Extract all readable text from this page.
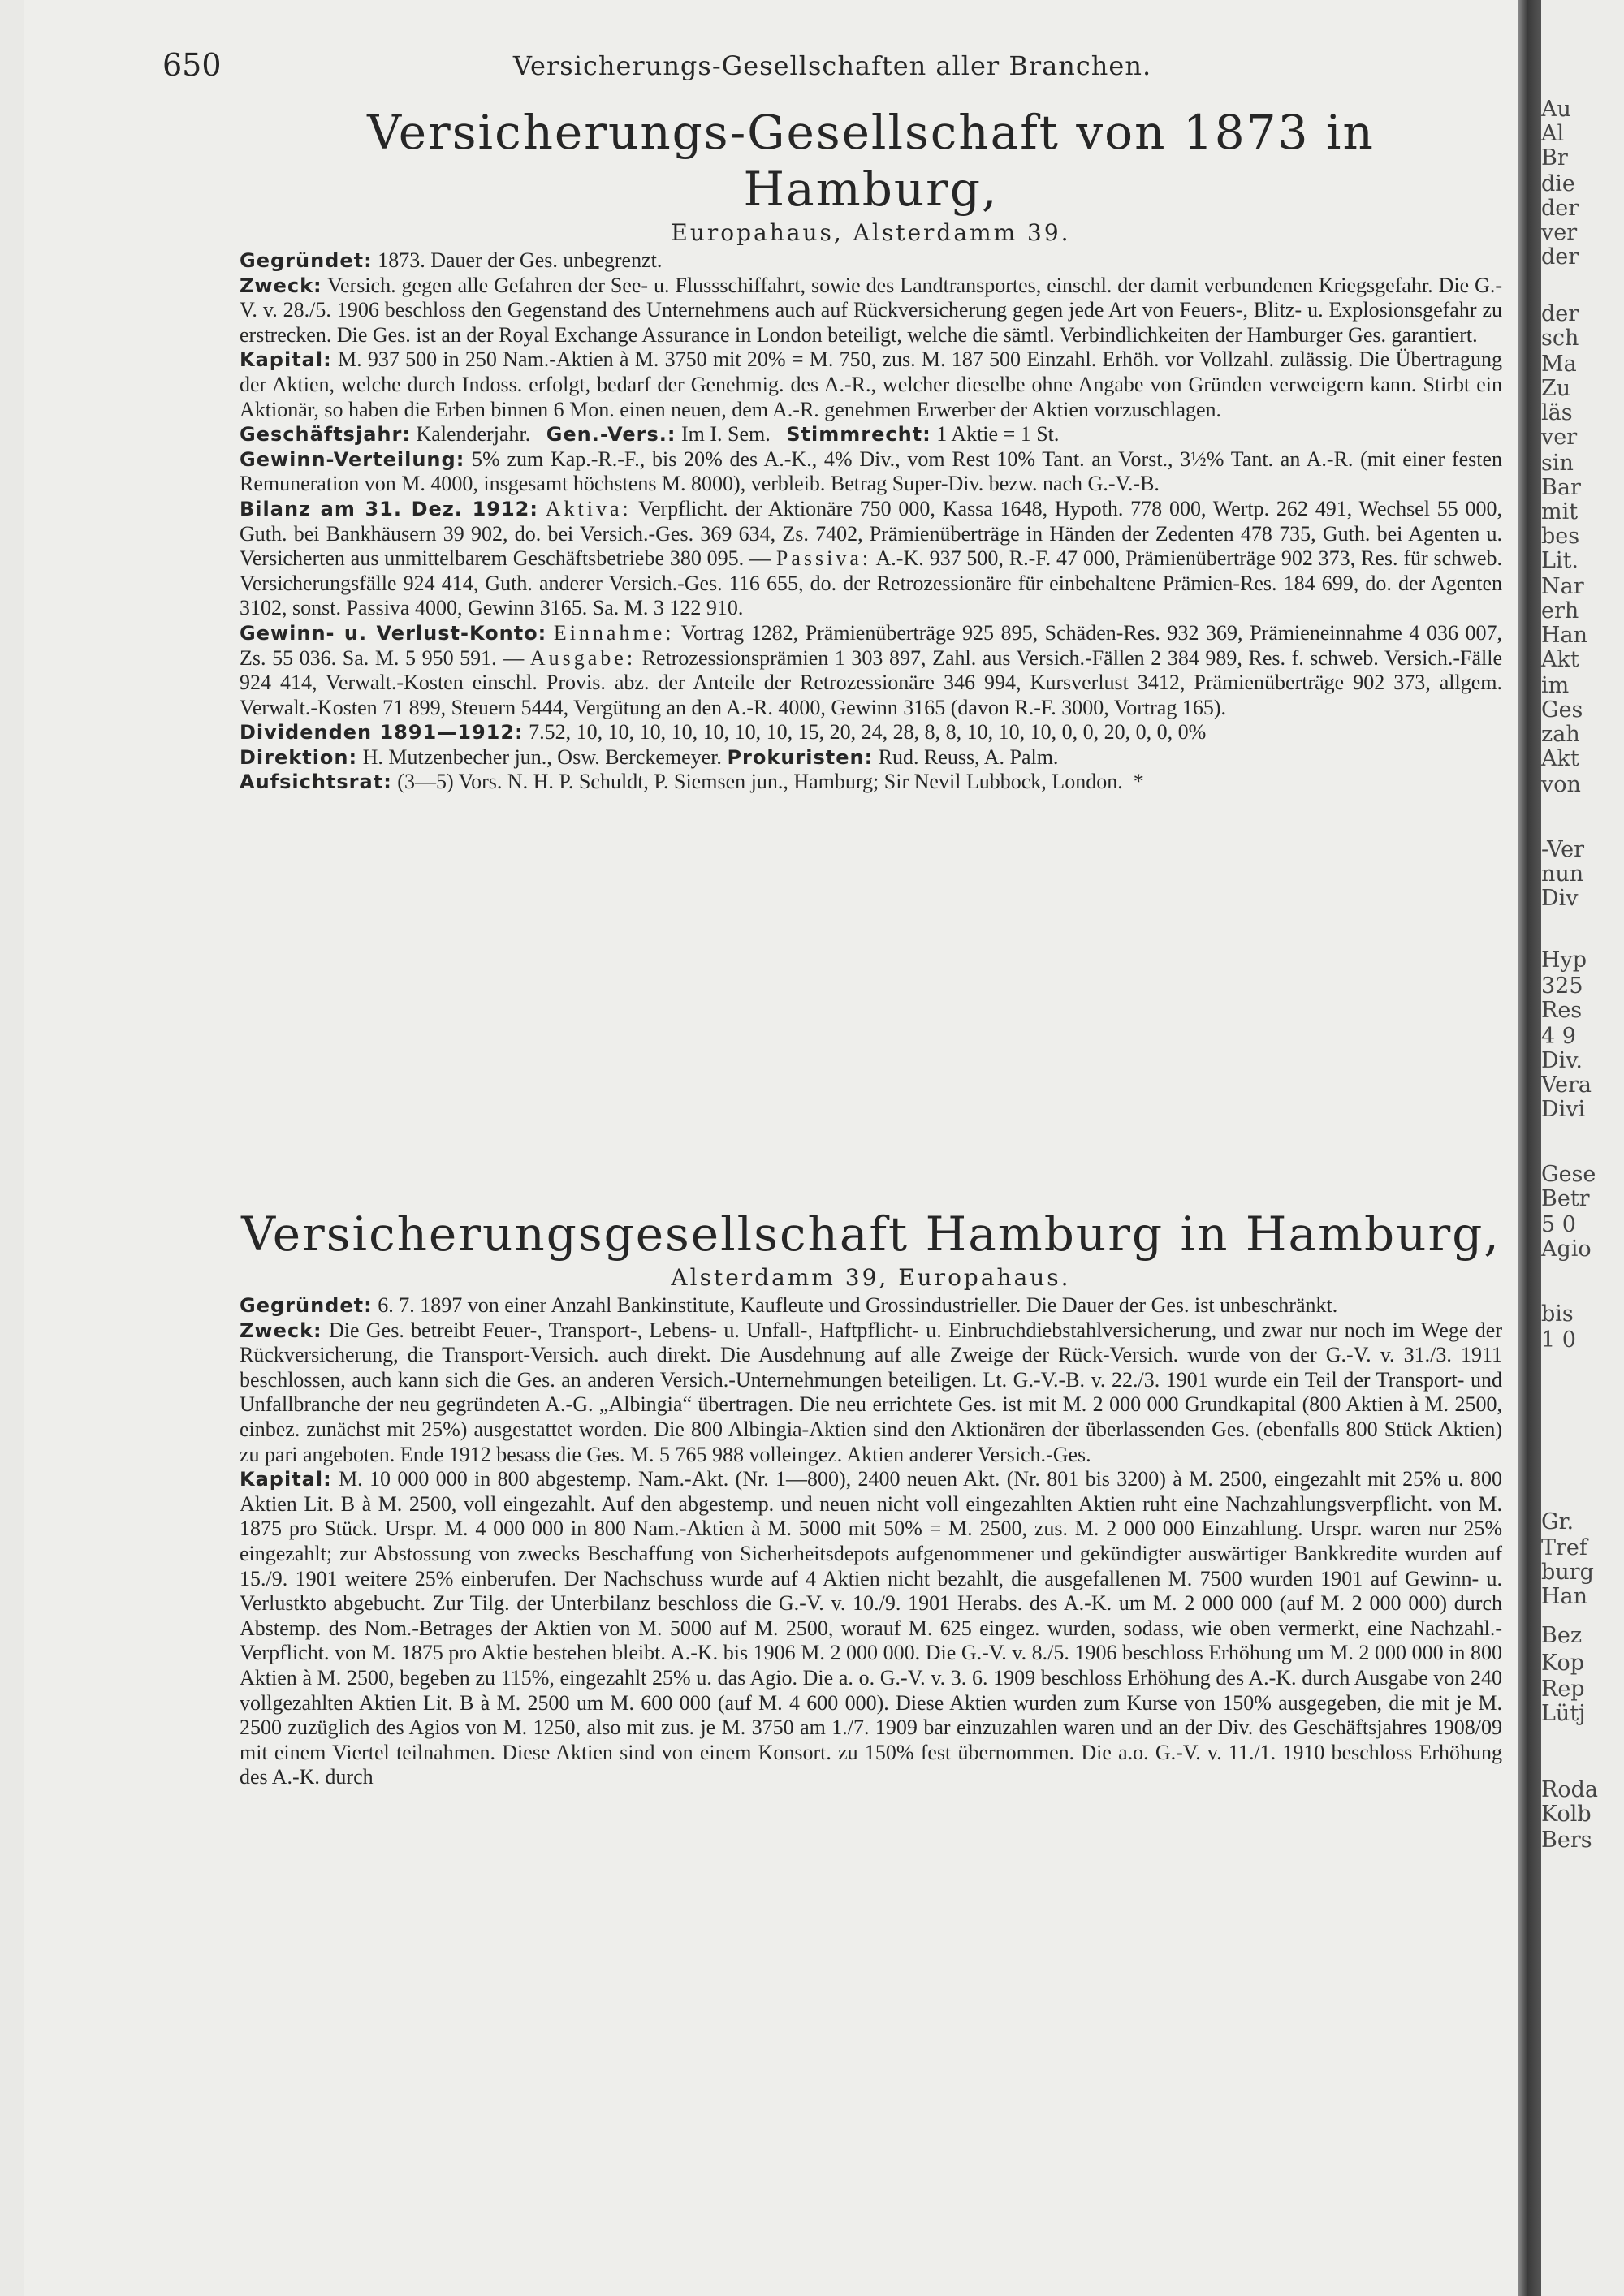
650	Versicherungs-Gesellschaften aller Branchen.
Versicherungs-Gesellschaft von 1873 in Hamburg,

Europahaus, Alsterdamm 39.

Gegründet: 1873. Dauer der Ges. unbegrenzt.

Zweck: Versich. gegen alle Gefahren der See- u. Flussschiffahrt, sowie des Landtransportes, einschl. der damit verbundenen Kriegsgefahr. Die G.-V. v. 28./5. 1906 beschloss den Gegenstand des Unternehmens auch auf Rückversicherung gegen jede Art von Feuers-, Blitz- u. Explosionsgefahr zu erstrecken. Die Ges. ist an der Royal Exchange Assurance in London beteiligt, welche die sämtl. Verbindlichkeiten der Hamburger Ges. garantiert.

Kapital: M. 937 500 in 250 Nam.-Aktien à M. 3750 mit 20% = M. 750, zus. M. 187 500 Einzahl. Erhöh. vor Vollzahl. zulässig. Die Übertragung der Aktien, welche durch Indoss. erfolgt, bedarf der Genehmig. des A.-R., welcher dieselbe ohne Angabe von Gründen verweigern kann. Stirbt ein Aktionär, so haben die Erben binnen 6 Mon. einen neuen, dem A.-R. genehmen Erwerber der Aktien vorzuschlagen.

Geschäftsjahr: Kalenderjahr. Gen.-Vers.: Im I. Sem. Stimmrecht: 1 Aktie = 1 St.

Gewinn-Verteilung: 5% zum Kap.-R.-F., bis 20% des A.-K., 4% Div., vom Rest 10% Tant. an Vorst., 3½% Tant. an A.-R. (mit einer festen Remuneration von M. 4000, insgesamt höchstens M. 8000), verbleib. Betrag Super-Div. bezw. nach G.-V.-B.

Bilanz am 31. Dez. 1912: Aktiva: Verpflicht. der Aktionäre 750 000, Kassa 1648, Hypoth. 778 000, Wertp. 262 491, Wechsel 55 000, Guth. bei Bankhäusern 39 902, do. bei Versich.-Ges. 369 634, Zs. 7402, Prämienüberträge in Händen der Zedenten 478 735, Guth. bei Agenten u. Versicherten aus unmittelbarem Geschäftsbetriebe 380 095. — Passiva: A.-K. 937 500, R.-F. 47 000, Prämienüberträge 902 373, Res. für schweb. Versicherungsfälle 924 414, Guth. anderer Versich.-Ges. 116 655, do. der Retrozessionäre für einbehaltene Prämien-Res. 184 699, do. der Agenten 3102, sonst. Passiva 4000, Gewinn 3165. Sa. M. 3 122 910.

Gewinn- u. Verlust-Konto: Einnahme: Vortrag 1282, Prämienüberträge 925 895, Schäden-Res. 932 369, Prämieneinnahme 4 036 007, Zs. 55 036. Sa. M. 5 950 591. — Ausgabe: Retrozessionsprämien 1 303 897, Zahl. aus Versich.-Fällen 2 384 989, Res. f. schweb. Versich.-Fälle 924 414, Verwalt.-Kosten einschl. Provis. abz. der Anteile der Retrozessionäre 346 994, Kursverlust 3412, Prämienüberträge 902 373, allgem. Verwalt.-Kosten 71 899, Steuern 5444, Vergütung an den A.-R. 4000, Gewinn 3165 (davon R.-F. 3000, Vortrag 165).

Dividenden 1891—1912: 7.52, 10, 10, 10, 10, 10, 10, 10, 15, 20, 24, 28, 8, 8, 10, 10, 10, 0, 0, 20, 0, 0, 0%

Direktion: H. Mutzenbecher jun., Osw. Berckemeyer. Prokuristen: Rud. Reuss, A. Palm.

Aufsichtsrat: (3—5) Vors. N. H. P. Schuldt, P. Siemsen jun., Hamburg; Sir Nevil Lubbock, London. *

Versicherungsgesellschaft Hamburg in Hamburg,

Alsterdamm 39, Europahaus.

Gegründet: 6. 7. 1897 von einer Anzahl Bankinstitute, Kaufleute und Grossindustrieller. Die Dauer der Ges. ist unbeschränkt.

Zweck: Die Ges. betreibt Feuer-, Transport-, Lebens- u. Unfall-, Haftpflicht- u. Einbruchdiebstahlversicherung, und zwar nur noch im Wege der Rückversicherung, die Transport-Versich. auch direkt. Die Ausdehnung auf alle Zweige der Rück-Versich. wurde von der G.-V. v. 31./3. 1911 beschlossen, auch kann sich die Ges. an anderen Versich.-Unternehmungen beteiligen. Lt. G.-V.-B. v. 22./3. 1901 wurde ein Teil der Transport- und Unfallbranche der neu gegründeten A.-G. „Albingia“ übertragen. Die neu errichtete Ges. ist mit M. 2 000 000 Grundkapital (800 Aktien à M. 2500, einbez. zunächst mit 25%) ausgestattet worden. Die 800 Albingia-Aktien sind den Aktionären der überlassenden Ges. (ebenfalls 800 Stück Aktien) zu pari angeboten. Ende 1912 besass die Ges. M. 5 765 988 volleingez. Aktien anderer Versich.-Ges.

Kapital: M. 10 000 000 in 800 abgestemp. Nam.-Akt. (Nr. 1—800), 2400 neuen Akt. (Nr. 801 bis 3200) à M. 2500, eingezahlt mit 25% u. 800 Aktien Lit. B à M. 2500, voll eingezahlt. Auf den abgestemp. und neuen nicht voll eingezahlten Aktien ruht eine Nachzahlungsverpflicht. von M. 1875 pro Stück. Urspr. M. 4 000 000 in 800 Nam.-Aktien à M. 5000 mit 50% = M. 2500, zus. M. 2 000 000 Einzahlung. Urspr. waren nur 25% eingezahlt; zur Abstossung von zwecks Beschaffung von Sicherheitsdepots aufgenommener und gekündigter auswärtiger Bankkredite wurden auf 15./9. 1901 weitere 25% einberufen. Der Nachschuss wurde auf 4 Aktien nicht bezahlt, die ausgefallenen M. 7500 wurden 1901 auf Gewinn- u. Verlustkto abgebucht. Zur Tilg. der Unterbilanz beschloss die G.-V. v. 10./9. 1901 Herabs. des A.-K. um M. 2 000 000 (auf M. 2 000 000) durch Abstemp. des Nom.-Betrages der Aktien von M. 5000 auf M. 2500, worauf M. 625 eingez. wurden, sodass, wie oben vermerkt, eine Nachzahl.-Verpflicht. von M. 1875 pro Aktie bestehen bleibt. A.-K. bis 1906 M. 2 000 000. Die G.-V. v. 8./5. 1906 beschloss Erhöhung um M. 2 000 000 in 800 Aktien à M. 2500, begeben zu 115%, eingezahlt 25% u. das Agio. Die a. o. G.-V. v. 3. 6. 1909 beschloss Erhöhung des A.-K. durch Ausgabe von 240 vollgezahlten Aktien Lit. B à M. 2500 um M. 600 000 (auf M. 4 600 000). Diese Aktien wurden zum Kurse von 150% ausgegeben, die mit je M. 2500 zuzüglich des Agios von M. 1250, also mit zus. je M. 3750 am 1./7. 1909 bar einzuzahlen waren und an der Div. des Geschäftsjahres 1908/09 mit einem Viertel teilnahmen. Diese Aktien sind von einem Konsort. zu 150% fest übernommen. Die a.o. G.-V. v. 11./1. 1910 beschloss Erhöhung des A.-K. durch

Au
Al
Br
die
der
ver
der
der
sch
Ma
Zu
läs
ver
sin
Bar
mit
bes
Lit.
Nar
erh
Han
Akt
im
Ges
zah
Akt
von
-Ver
nun
Div
Hyp
325
Res
4 9
Div.
Vera
Divi
Gese
Betr
5 0
Agio
bis
1 0
Gr.
Tref
burg
Han
Bez
Kop
Rep
Lütj
Roda
Kolb
Bers
